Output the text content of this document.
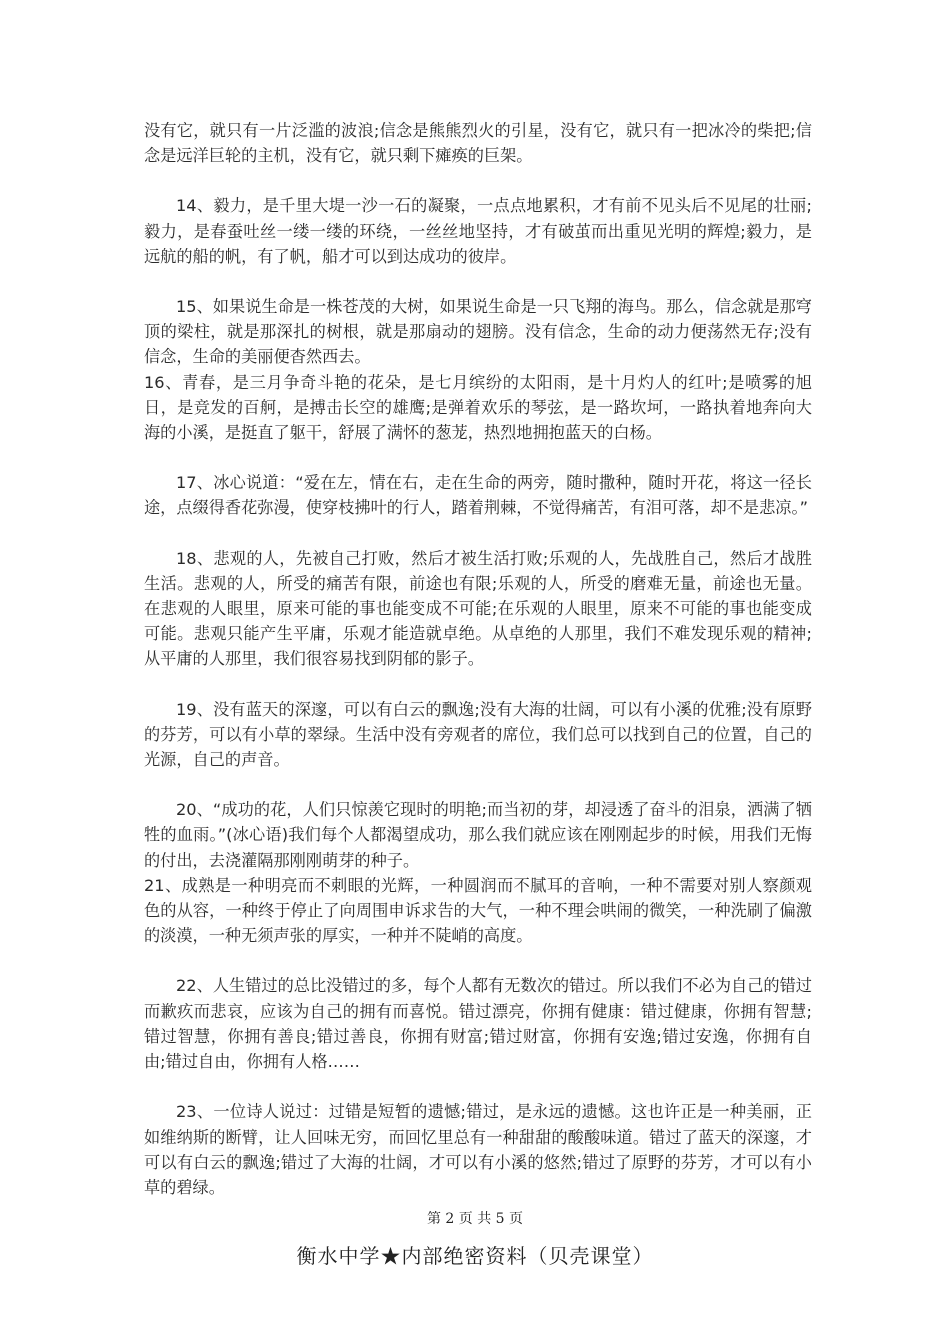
没有它，就只有一片泛滥的波浪;信念是熊熊烈火的引星，没有它，就只有一把冰冷的柴把;信念是远洋巨轮的主机，没有它，就只剩下瘫痪的巨架。

14、毅力，是千里大堤一沙一石的凝聚，一点点地累积，才有前不见头后不见尾的壮丽;毅力，是春蚕吐丝一缕一缕的环绕，一丝丝地坚持，才有破茧而出重见光明的辉煌;毅力，是远航的船的帆，有了帆，船才可以到达成功的彼岸。

15、如果说生命是一株苍茂的大树，如果说生命是一只飞翔的海鸟。那么，信念就是那穹顶的梁柱，就是那深扎的树根，就是那扇动的翅膀。没有信念，生命的动力便荡然无存;没有信念，生命的美丽便杳然西去。

16、青春，是三月争奇斗艳的花朵，是七月缤纷的太阳雨，是十月灼人的红叶;是喷雾的旭日，是竞发的百舸，是搏击长空的雄鹰;是弹着欢乐的琴弦，是一路坎坷，一路执着地奔向大海的小溪，是挺直了躯干，舒展了满怀的葱茏，热烈地拥抱蓝天的白杨。

17、冰心说道：“爱在左，情在右，走在生命的两旁，随时撒种，随时开花，将这一径长途，点缀得香花弥漫，使穿枝拂叶的行人，踏着荆棘，不觉得痛苦，有泪可落，却不是悲凉。”

18、悲观的人，先被自己打败，然后才被生活打败;乐观的人，先战胜自己，然后才战胜生活。悲观的人，所受的痛苦有限，前途也有限;乐观的人，所受的磨难无量，前途也无量。在悲观的人眼里，原来可能的事也能变成不可能;在乐观的人眼里，原来不可能的事也能变成可能。悲观只能产生平庸，乐观才能造就卓绝。从卓绝的人那里，我们不难发现乐观的精神;从平庸的人那里，我们很容易找到阴郁的影子。

19、没有蓝天的深邃，可以有白云的飘逸;没有大海的壮阔，可以有小溪的优雅;没有原野的芬芳，可以有小草的翠绿。生活中没有旁观者的席位，我们总可以找到自己的位置，自己的光源，自己的声音。

20、“成功的花，人们只惊羡它现时的明艳;而当初的芽，却浸透了奋斗的泪泉，洒满了牺牲的血雨。”(冰心语)我们每个人都渴望成功，那么我们就应该在刚刚起步的时候，用我们无悔的付出，去浇灌隔那刚刚萌芽的种子。

21、成熟是一种明亮而不刺眼的光辉，一种圆润而不腻耳的音响，一种不需要对别人察颜观色的从容，一种终于停止了向周围申诉求告的大气，一种不理会哄闹的微笑，一种洗刷了偏激的淡漠，一种无须声张的厚实，一种并不陡峭的高度。

22、人生错过的总比没错过的多，每个人都有无数次的错过。所以我们不必为自己的错过而歉疚而悲哀，应该为自己的拥有而喜悦。错过漂亮，你拥有健康：错过健康，你拥有智慧;错过智慧，你拥有善良;错过善良，你拥有财富;错过财富，你拥有安逸;错过安逸，你拥有自由;错过自由，你拥有人格……

23、一位诗人说过：过错是短暂的遗憾;错过，是永远的遗憾。这也许正是一种美丽，正如维纳斯的断臂，让人回味无穷，而回忆里总有一种甜甜的酸酸味道。错过了蓝天的深邃，才可以有白云的飘逸;错过了大海的壮阔，才可以有小溪的悠然;错过了原野的芬芳，才可以有小草的碧绿。

第 2 页 共 5 页
衡水中学★内部绝密资料（贝壳课堂）
